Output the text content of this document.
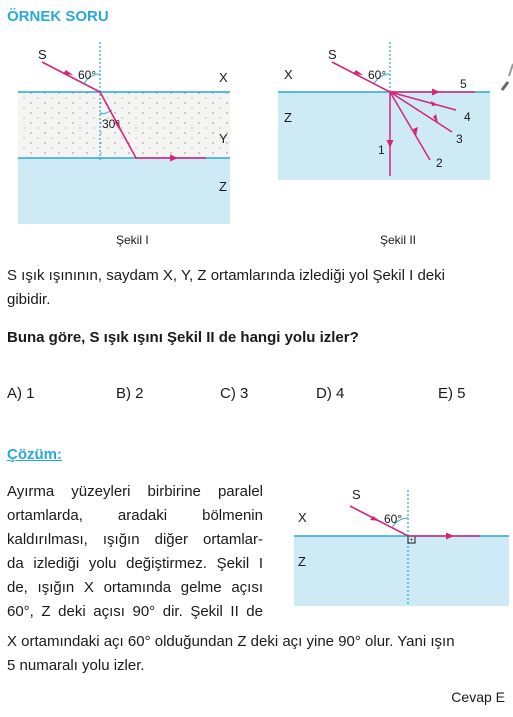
ÖRNEK SORU
S
60°
30°
X
Y
Z
Şekil I
S
60°
X
Z
1
2
3
4
5
Şekil II
S ışık ışınının, saydam X, Y, Z ortamlarında izlediği yol Şekil I deki
gibidir.
Buna göre, S ışık ışını Şekil II de hangi yolu izler?
A) 1	B) 2	C) 3	D) 4	E) 5
Çözüm:
Ayırma yüzeyleri birbirine paralel
ortamlarda, aradaki bölmenin
kaldırılması, ışığın diğer ortamlar-
da izlediği yolu değiştirmez. Şekil I
de, ışığın X ortamında gelme açısı
60°, Z deki açısı 90° dir. Şekil II de
X ortamındaki açı 60° olduğundan Z deki açı yine 90° olur. Yani ışın
5 numaralı yolu izler.
S
60°
X
Z
Cevap E
